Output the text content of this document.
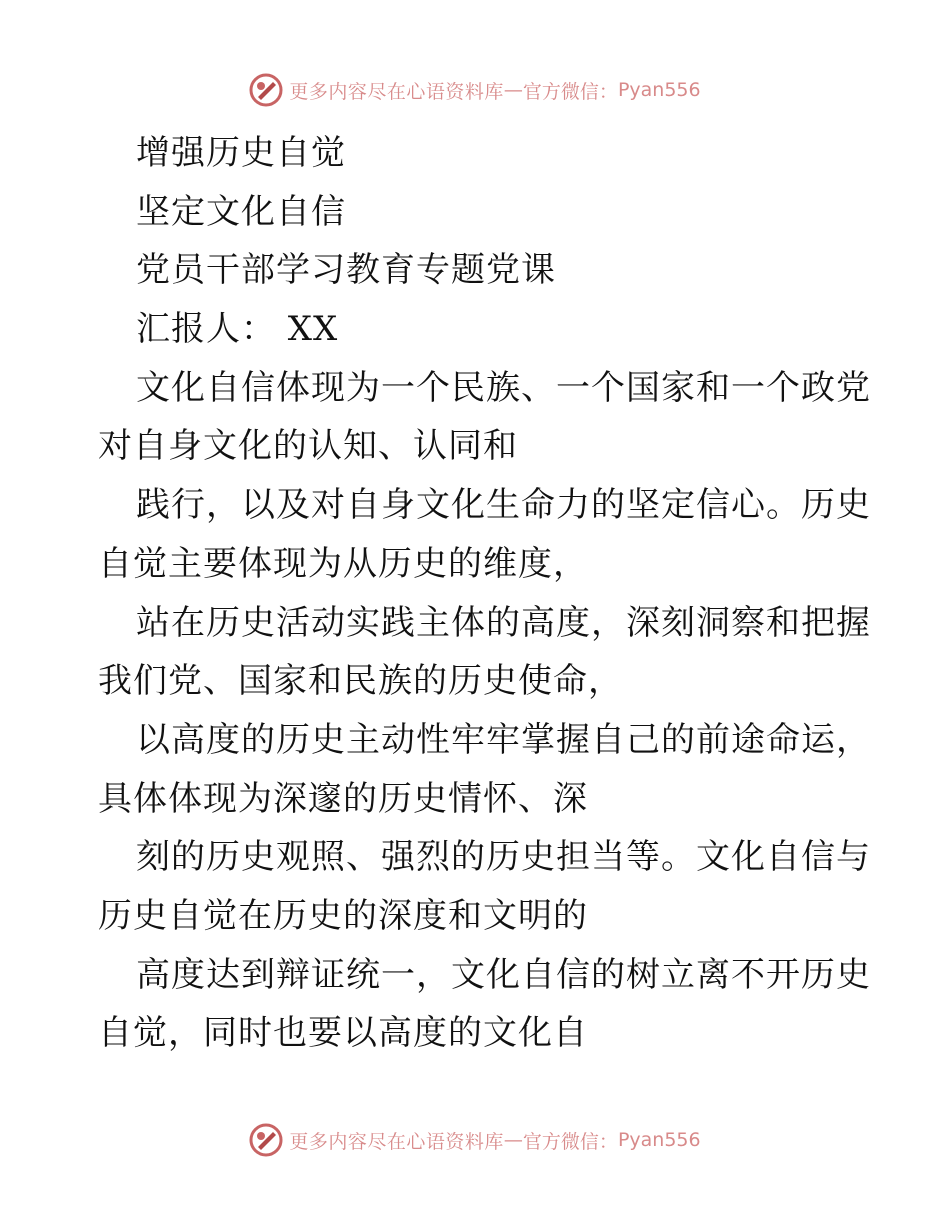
更多内容尽在心语资料库 — 官方微信： Pyan556
增强历史自觉
坚定文化自信
党员干部学习教育专题党课
汇报人： XX
文化自信体现为一个民族、一个国家和一个政党
对自身文化的认知、认同和
践行，以及对自身文化生命力的坚定信心。历史
自觉主要体现为从历史的维度，
站在历史活动实践主体的高度，深刻洞察和把握
我们党、国家和民族的历史使命，
以高度的历史主动性牢牢掌握自己的前途命运，
具体体现为深邃的历史情怀、深
刻的历史观照、强烈的历史担当等。文化自信与
历史自觉在历史的深度和文明的
高度达到辩证统一，文化自信的树立离不开历史
自觉，同时也要以高度的文化自
更多内容尽在心语资料库 — 官方微信： Pyan556
